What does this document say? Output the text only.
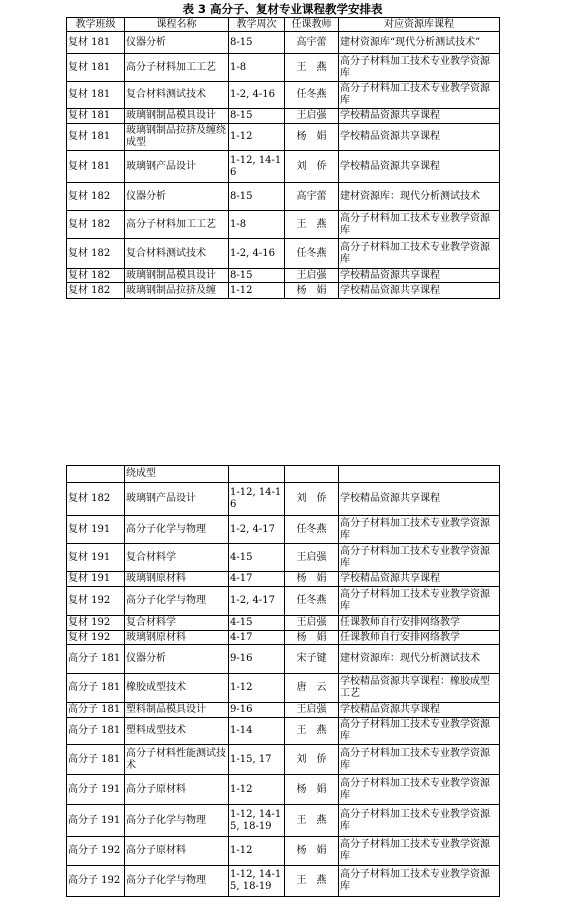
表 3 高分子、复材专业课程教学安排表
教学班级	课程名称	教学周次	任课教师	对应资源库课程
复材 181	仪器分析	8-15	高宇蕾	建材资源库“现代分析测试技术”
复材 181	高分子材料加工工艺	1-8	王　燕	高分子材料加工技术专业教学资源库
复材 181	复合材料测试技术	1-2, 4-16	任冬燕	高分子材料加工技术专业教学资源库
复材 181	玻璃钢制品模具设计	8-15	王启强	学校精品资源共享课程
复材 181	玻璃钢制品拉挤及缠绕成型	1-12	杨　娟	学校精品资源共享课程
复材 181	玻璃钢产品设计	1-12, 14-16	刘　侨	学校精品资源共享课程
复材 182	仪器分析	8-15	高宇蕾	建材资源库：现代分析测试技术
复材 182	高分子材料加工工艺	1-8	王　燕	高分子材料加工技术专业教学资源库
复材 182	复合材料测试技术	1-2, 4-16	任冬燕	高分子材料加工技术专业教学资源库
复材 182	玻璃钢制品模具设计	8-15	王启强	学校精品资源共享课程
复材 182	玻璃钢制品拉挤及缠	1-12	杨　娟	学校精品资源共享课程
	绕成型			
复材 182	玻璃钢产品设计	1-12, 14-16	刘　侨	学校精品资源共享课程
复材 191	高分子化学与物理	1-2, 4-17	任冬燕	高分子材料加工技术专业教学资源库
复材 191	复合材料学	4-15	王启强	高分子材料加工技术专业教学资源库
复材 191	玻璃钢原材料	4-17	杨　娟	学校精品资源共享课程
复材 192	高分子化学与物理	1-2, 4-17	任冬燕	高分子材料加工技术专业教学资源库
复材 192	复合材料学	4-15	王启强	任课教师自行安排网络教学
复材 192	玻璃钢原材料	4-17	杨　娟	任课教师自行安排网络教学
高分子 181	仪器分析	9-16	宋子键	建材资源库：现代分析测试技术
高分子 181	橡胶成型技术	1-12	唐　云	学校精品资源共享课程：橡胶成型工艺
高分子 181	塑料制品模具设计	9-16	王启强	学校精品资源共享课程
高分子 181	塑料成型技术	1-14	王　燕	高分子材料加工技术专业教学资源库
高分子 181	高分子材料性能测试技术	1-15, 17	刘　侨	高分子材料加工技术专业教学资源库
高分子 191	高分子原材料	1-12	杨　娟	高分子材料加工技术专业教学资源库
高分子 191	高分子化学与物理	1-12, 14-15, 18-19	王　燕	高分子材料加工技术专业教学资源库
高分子 192	高分子原材料	1-12	杨　娟	高分子材料加工技术专业教学资源库
高分子 192	高分子化学与物理	1-12, 14-15, 18-19	王　燕	高分子材料加工技术专业教学资源库
